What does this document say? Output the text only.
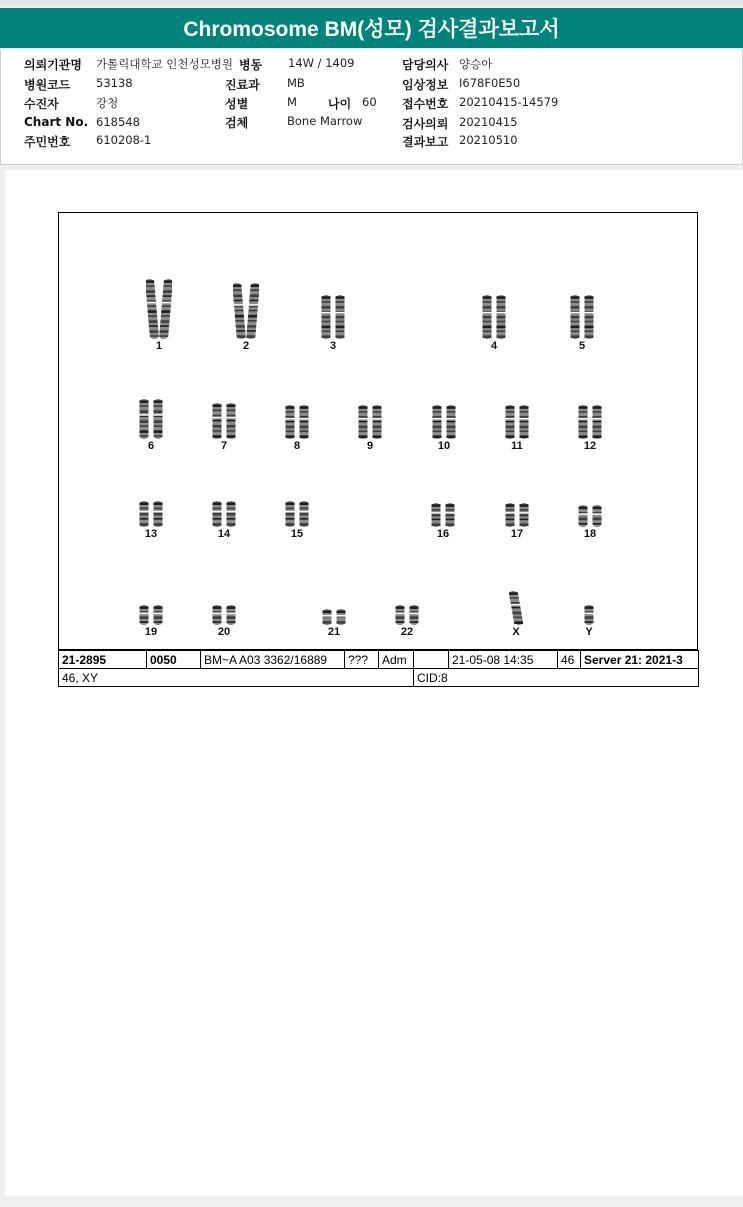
Chromosome BM(성모) 검사결과보고서
의뢰기관명 가톨릭대학교 인천성모병원
병원코드 53138
수진자	강청
Chart No. 618548
주민번호 610208-1
병동 14W / 1409
진료과 MB
성별	M	나이 60
검체	Bone Marrow
담당의사 양승아
임상정보 I678F0E50
접수번호 20210415-14579
검사의뢰 20210415
결과보고 20210510
1	2	3	4	5
6	7	8	9	10	11	12
13	14	15	16	17	18
19	20	21	22	X	Y
21-2895	0050	BM~A A03 3362/16889	???	Adm		21-05-08 14:35	46	Server 21: 2021-3
46, XY					CID:8			
